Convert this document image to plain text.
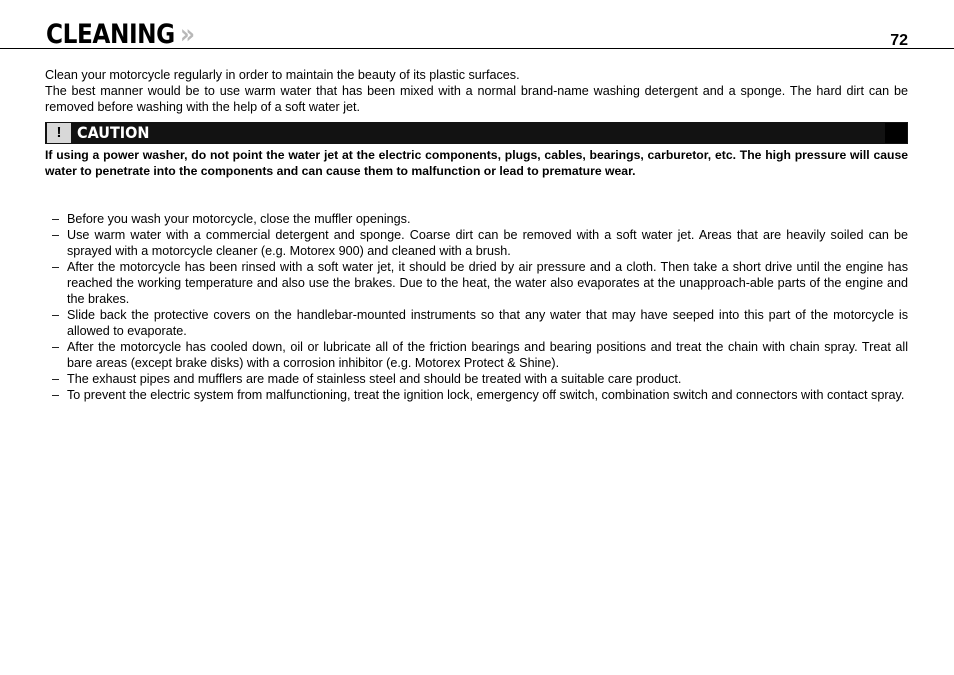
CLEANING »	72

Clean your motorcycle regularly in order to maintain the beauty of its plastic surfaces.

The best manner would be to use warm water that has been mixed with a normal brand-name washing detergent and a sponge. The hard dirt can be removed before washing with the help of a soft water jet.

! CAUTION

If using a power washer, do not point the water jet at the electric components, plugs, cables, bearings, carburetor, etc. The high pressure will cause water to penetrate into the components and can cause them to malfunction or lead to premature wear.

– Before you wash your motorcycle, close the muffler openings.
– Use warm water with a commercial detergent and sponge. Coarse dirt can be removed with a soft water jet. Areas that are heavily soiled can be sprayed with a motorcycle cleaner (e.g. Motorex 900) and cleaned with a brush.
– After the motorcycle has been rinsed with a soft water jet, it should be dried by air pressure and a cloth. Then take a short drive until the engine has reached the working temperature and also use the brakes. Due to the heat, the water also evaporates at the unapproach-able parts of the engine and the brakes.
– Slide back the protective covers on the handlebar-mounted instruments so that any water that may have seeped into this part of the motorcycle is allowed to evaporate.
– After the motorcycle has cooled down, oil or lubricate all of the friction bearings and bearing positions and treat the chain with chain spray. Treat all bare areas (except brake disks) with a corrosion inhibitor (e.g. Motorex Protect & Shine).
– The exhaust pipes and mufflers are made of stainless steel and should be treated with a suitable care product.
– To prevent the electric system from malfunctioning, treat the ignition lock, emergency off switch, combination switch and connectors with contact spray.
